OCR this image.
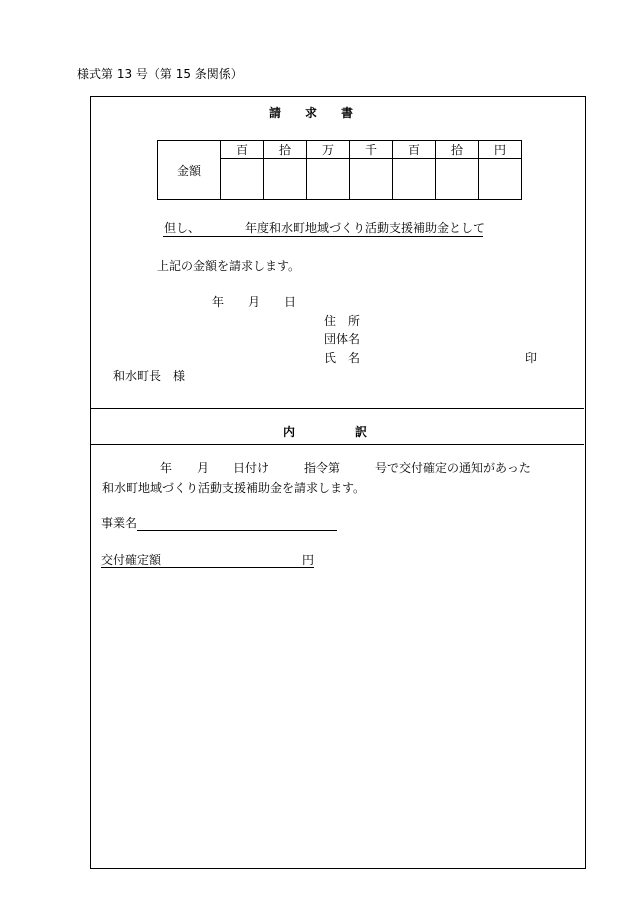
様式第 13 号（第 15 条関係）
請　　求　　書
金額	百	拾	万	千	百	拾	円

但し、	年度和水町地域づくり活動支援補助金として
上記の金額を請求します。
年 月 日
住　所
団体名
氏　名	印
和水町長　様
内　　　　　訳
年 月 日付け	指令第	号で交付確定の通知があった
和水町地域づくり活動支援補助金を請求します。
事業名
交付確定額	円
